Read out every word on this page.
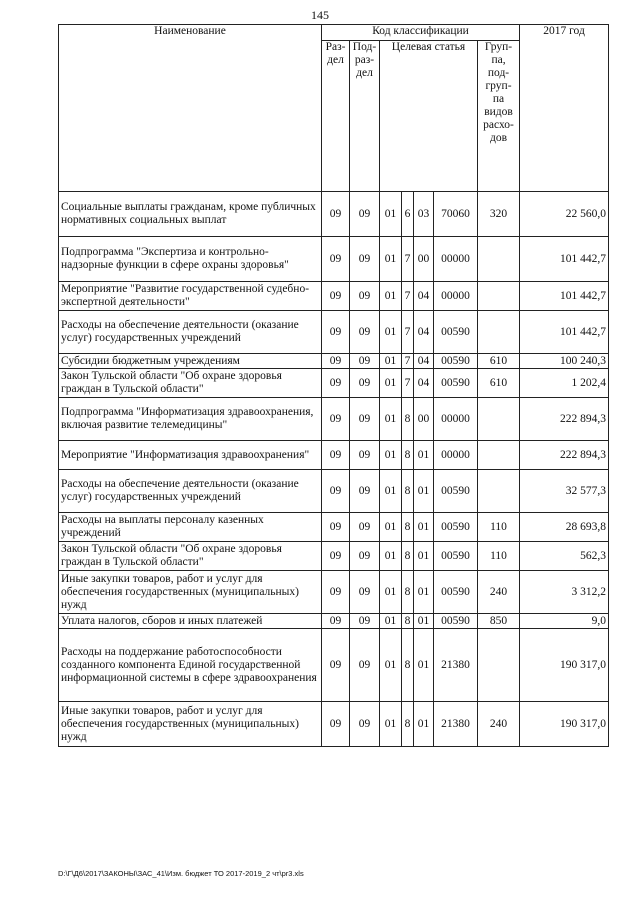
145
Наименование	Код классификации							2017 год
	Раз-дел	Под-раз-дел	Целевая статья				Груп-па, под-груп-па видов расхо-дов	
Социальные выплаты гражданам, кроме публичных нормативных социальных выплат	09	09	01	6	03	70060	320	22 560,0
Подпрограмма "Экспертиза и контрольно-надзорные функции в сфере охраны здоровья"	09	09	01	7	00	00000		101 442,7
Мероприятие "Развитие государственной судебно-экспертной деятельности"	09	09	01	7	04	00000		101 442,7
Расходы на обеспечение деятельности (оказание услуг) государственных учреждений	09	09	01	7	04	00590		101 442,7
Субсидии бюджетным учреждениям	09	09	01	7	04	00590	610	100 240,3
Закон Тульской области "Об охране здоровья граждан в Тульской области"	09	09	01	7	04	00590	610	1 202,4
Подпрограмма "Информатизация здравоохранения, включая развитие телемедицины"	09	09	01	8	00	00000		222 894,3
Мероприятие "Информатизация здравоохранения"	09	09	01	8	01	00000		222 894,3
Расходы на обеспечение деятельности (оказание услуг) государственных учреждений	09	09	01	8	01	00590		32 577,3
Расходы на выплаты персоналу казенных учреждений	09	09	01	8	01	00590	110	28 693,8
Закон Тульской области "Об охране здоровья граждан в Тульской области"	09	09	01	8	01	00590	110	562,3
Иные закупки товаров, работ и услуг для обеспечения государственных (муниципальных) нужд	09	09	01	8	01	00590	240	3 312,2
Уплата налогов, сборов и иных платежей	09	09	01	8	01	00590	850	9,0
Расходы на поддержание работоспособности созданного компонента Единой государственной информационной системы в сфере здравоохранения	09	09	01	8	01	21380		190 317,0
Иные закупки товаров, работ и услуг для обеспечения государственных (муниципальных) нужд	09	09	01	8	01	21380	240	190 317,0
D:\Г\Д6\2017\ЗАКОНЫ\ЗАС_41\Изм. бюджет ТО 2017-2019_2 чт\pr3.xls
